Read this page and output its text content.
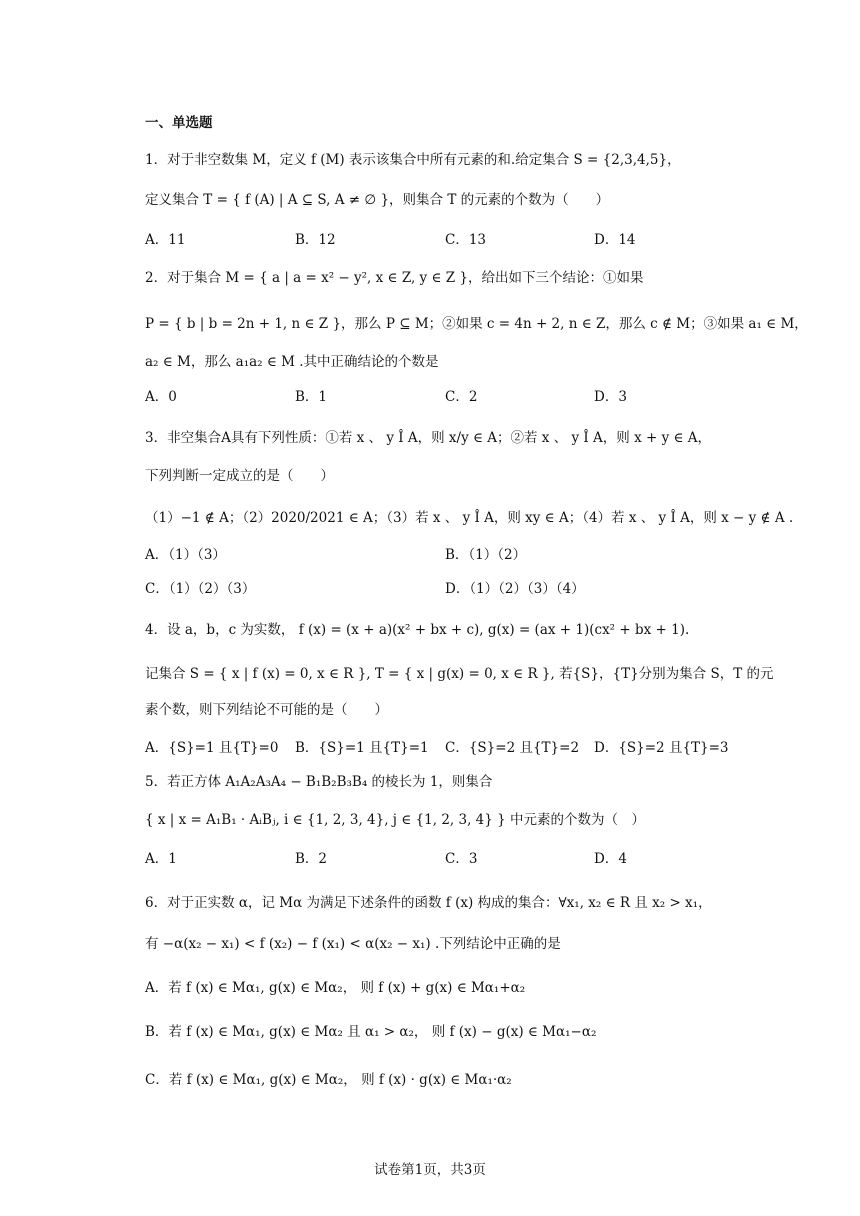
一、单选题
1．对于非空数集 M，定义 f (M) 表示该集合中所有元素的和.给定集合 S = {2,3,4,5}，
定义集合 T = { f (A) | A ⊆ S, A ≠ ∅ }，则集合 T 的元素的个数为（　　）
A．11	B．12	C．13	D．14
2．对于集合 M = { a | a = x² − y², x ∈ Z, y ∈ Z }，给出如下三个结论：①如果
P = { b | b = 2n + 1, n ∈ Z }，那么 P ⊆ M；②如果 c = 4n + 2, n ∈ Z，那么 c ∉ M；③如果 a₁ ∈ M，
a₂ ∈ M，那么 a₁a₂ ∈ M .其中正确结论的个数是
A．0	B．1	C．2	D．3
3．非空集合A具有下列性质：①若 x 、 y Î A，则 x/y ∈ A；②若 x 、 y Î A，则 x + y ∈ A，
下列判断一定成立的是（　　）
（1）−1 ∉ A；（2）2020/2021 ∈ A；（3）若 x 、 y Î A，则 xy ∈ A；（4）若 x 、 y Î A，则 x − y ∉ A .
A．（1）（3）	B．（1）（2）
C．（1）（2）（3）	D．（1）（2）（3）（4）
4．设 a，b，c 为实数， f (x) = (x + a)(x² + bx + c), g(x) = (ax + 1)(cx² + bx + 1).
记集合 S = { x | f (x) = 0, x ∈ R }, T = { x | g(x) = 0, x ∈ R }, 若{S}，{T}分别为集合 S，T 的元
素个数，则下列结论不可能的是（　　）
A．{S}=1 且{T}=0 B．{S}=1 且{T}=1 C．{S}=2 且{T}=2 D．{S}=2 且{T}=3
5．若正方体 A₁A₂A₃A₄ − B₁B₂B₃B₄ 的棱长为 1，则集合
{ x | x = A₁B₁ · AᵢBⱼ, i ∈ {1, 2, 3, 4}, j ∈ {1, 2, 3, 4} } 中元素的个数为（　）
A．1	B．2	C．3	D．4
6．对于正实数 α，记 Mα 为满足下述条件的函数 f (x) 构成的集合：∀x₁, x₂ ∈ R 且 x₂ > x₁，
有 −α(x₂ − x₁) < f (x₂) − f (x₁) < α(x₂ − x₁) .下列结论中正确的是
A．若 f (x) ∈ Mα₁, g(x) ∈ Mα₂， 则 f (x) + g(x) ∈ Mα₁+α₂
B．若 f (x) ∈ Mα₁, g(x) ∈ Mα₂ 且 α₁ > α₂， 则 f (x) − g(x) ∈ Mα₁−α₂
C．若 f (x) ∈ Mα₁, g(x) ∈ Mα₂， 则 f (x) · g(x) ∈ Mα₁·α₂
试卷第1页，共3页
